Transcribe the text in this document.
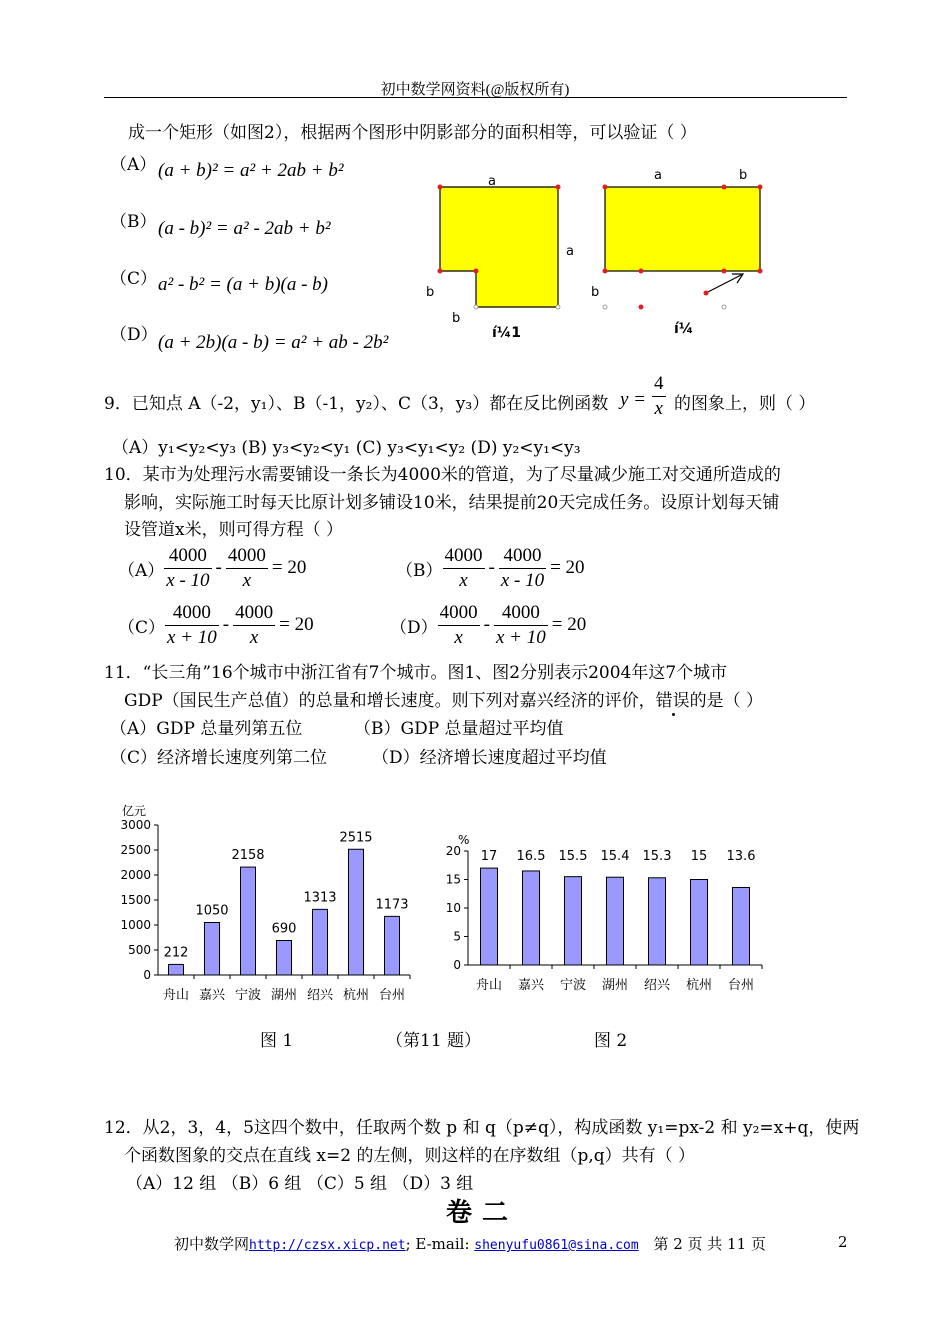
初中数学网资料(@版权所有)
成一个矩形（如图2），根据两个图形中阴影部分的面积相等，可以验证（ ）
（A） (a + b)² = a² + 2ab + b²
（B） (a - b)² = a² - 2ab + b²
（C） a² - b² = (a + b)(a - b)
（D） (a + 2b)(a - b) = a² + ab - 2b²
a
a
b
b
í¼1
a	b
b
í¼
9．已知点 A（-2，y₁）、B（-1，y₂）、C（3，y₃）都在反比例函数 $y = \frac{4}{x}$ 的图象上，则（ ）
（A）y₁<y₂<y₃ (B) y₃<y₂<y₁ (C) y₃<y₁<y₂ (D) y₂<y₁<y₃
10．某市为处理污水需要铺设一条长为4000米的管道，为了尽量减少施工对交通所造成的
影响，实际施工时每天比原计划多铺设10米，结果提前20天完成任务。设原计划每天铺
设管道x米，则可得方程（ ）
$(A) \frac{4000}{x - 10} - \frac{4000}{x} = 20$	$(B) \frac{4000}{x} - \frac{4000}{x - 10} = 20$
$(C) \frac{4000}{x + 10} - \frac{4000}{x} = 20$	$(D) \frac{4000}{x} - \frac{4000}{x + 10} = 20$
11．“长三角”16个城市中浙江省有7个城市。图1、图2分别表示2004年这7个城市
GDP（国民生产总值）的总量和增长速度。则下列对嘉兴经济的评价，错误的是（ ）
（A）GDP 总量列第五位	（B）GDP 总量超过平均值
（C）经济增长速度列第二位	（D）经济增长速度超过平均值
0
500
1000
1500
2000
2500
3000
亿元
212
舟山
1050
嘉兴
2158
宁波
690
湖州
1313
绍兴
2515
杭州
1173
台州
0
5
10
15
20
%
17
舟山
16.5
嘉兴
15.5
宁波
15.4
湖州
15.3
绍兴
15
杭州
13.6
台州
图 1	（第11 题）	图 2
12．从2，3，4，5这四个数中，任取两个数 p 和 q（p≠q），构成函数 y₁=px-2 和 y₂=x+q，使两
个函数图象的交点在直线 x=2 的左侧，则这样的在序数组（p,q）共有（ ）
（A）12 组 （B）6 组 （C）5 组 （D）3 组
卷二
初中数学网http://czsx.xicp.net; E-mail: shenyufu0861@sina.com 第 2 页 共 11 页	2
